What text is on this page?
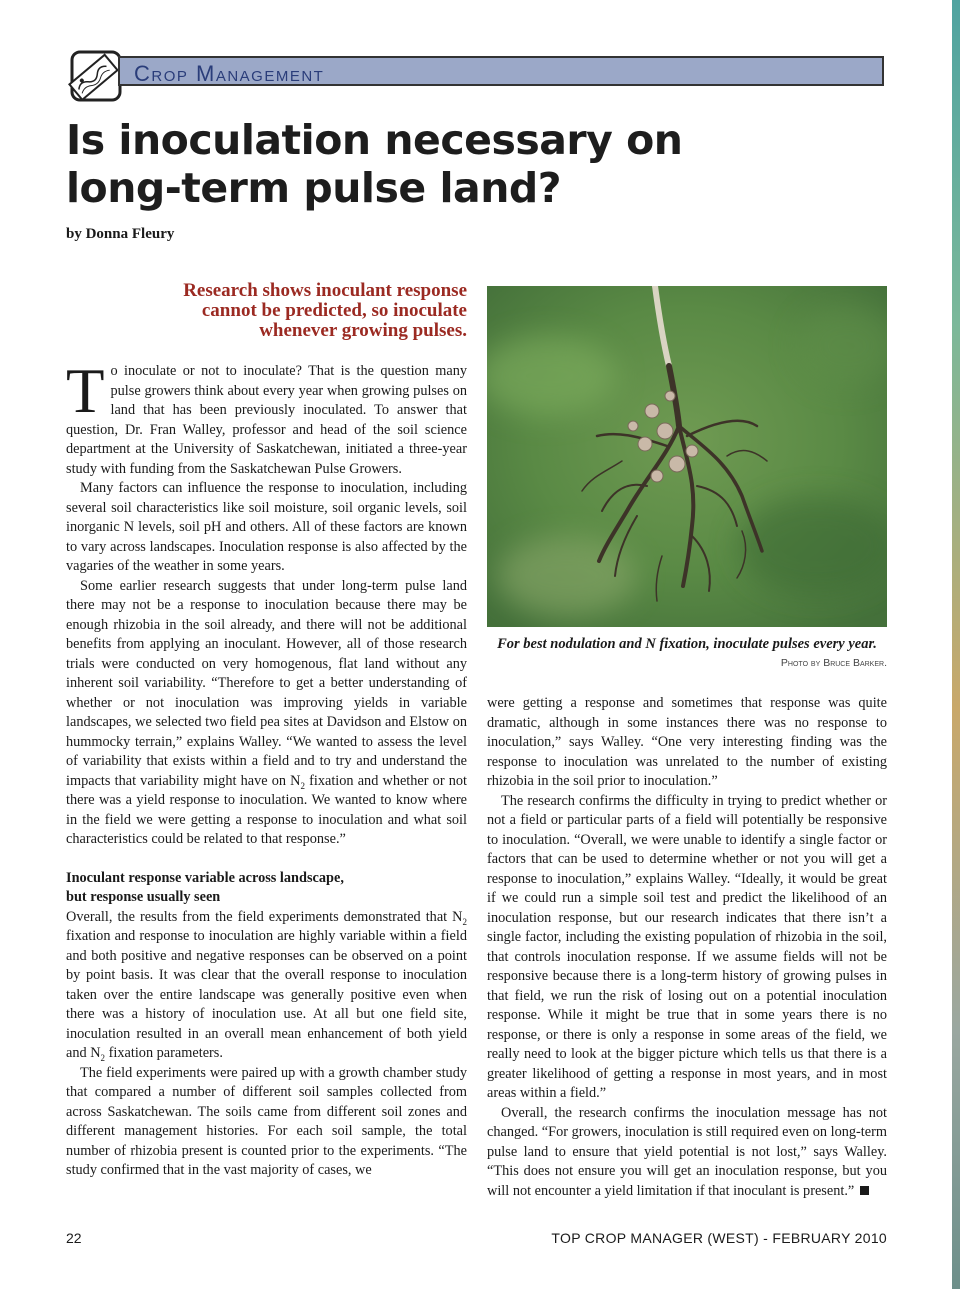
Crop Management
Is inoculation necessary on long-term pulse land?
by Donna Fleury
Research shows inoculant response cannot be predicted, so inoculate whenever growing pulses.
For best nodulation and N fixation, inoculate pulses every year.
Photo by Bruce Barker.

To inoculate or not to inoculate? That is the question many pulse growers think about every year when growing pulses on land that has been previously inoculated. To answer that question, Dr. Fran Walley, professor and head of the soil science department at the University of Saskatchewan, initiated a three-year study with funding from the Saskatchewan Pulse Growers.

Many factors can influence the response to inoculation, including several soil characteristics like soil moisture, soil organic levels, soil inorganic N levels, soil pH and others. All of these factors are known to vary across landscapes. Inoculation response is also affected by the vagaries of the weather in some years.

Some earlier research suggests that under long-term pulse land there may not be a response to inoculation because there may be enough rhizobia in the soil already, and there will not be additional benefits from applying an inoculant. However, all of those research trials were conducted on very homogenous, flat land without any inherent soil variability. “Therefore to get a better understanding of whether or not inoculation was improving yields in variable landscapes, we selected two field pea sites at Davidson and Elstow on hummocky terrain,” explains Walley. “We wanted to assess the level of variability that exists within a field and to try and understand the impacts that variability might have on $N_2$ fixation and whether or not there was a yield response to inoculation. We wanted to know where in the field we were getting a response to inoculation and what soil characteristics could be related to that response.”

Inoculant response variable across landscape,
but response usually seen

Overall, the results from the field experiments demonstrated that $N_2$ fixation and response to inoculation are highly variable within a field and both positive and negative responses can be observed on a point by point basis. It was clear that the overall response to inoculation taken over the entire landscape was generally positive even when there was a history of inoculation use. At all but one field site, inoculation resulted in an overall mean enhancement of both yield and $N_2$ fixation parameters.

The field experiments were paired up with a growth chamber study that compared a number of different soil samples collected from across Saskatchewan. The soils came from different soil zones and different management histories. For each soil sample, the total number of rhizobia present is counted prior to the experiments. “The study confirmed that in the vast majority of cases, we

were getting a response and sometimes that response was quite dramatic, although in some instances there was no response to inoculation,” says Walley. “One very interesting finding was the response to inoculation was unrelated to the number of existing rhizobia in the soil prior to inoculation.”

The research confirms the difficulty in trying to predict whether or not a field or particular parts of a field will potentially be responsive to inoculation. “Overall, we were unable to identify a single factor or factors that can be used to determine whether or not you will get a response to inoculation,” explains Walley. “Ideally, it would be great if we could run a simple soil test and predict the likelihood of an inoculation response, but our research indicates that there isn’t a single factor, including the existing population of rhizobia in the soil, that controls inoculation response. If we assume fields will not be responsive because there is a long-term history of growing pulses in that field, we run the risk of losing out on a potential inoculation response. While it might be true that in some years there is no response, or there is only a response in some areas of the field, we really need to look at the bigger picture which tells us that there is a greater likelihood of getting a response in most years, and in most areas within a field.”

Overall, the research confirms the inoculation message has not changed. “For growers, inoculation is still required even on long-term pulse land to ensure that yield potential is not lost,” says Walley. “This does not ensure you will get an inoculation response, but you will not encounter a yield limitation if that inoculant is present.”

22	TOP CROP MANAGER (WEST) - FEBRUARY 2010
